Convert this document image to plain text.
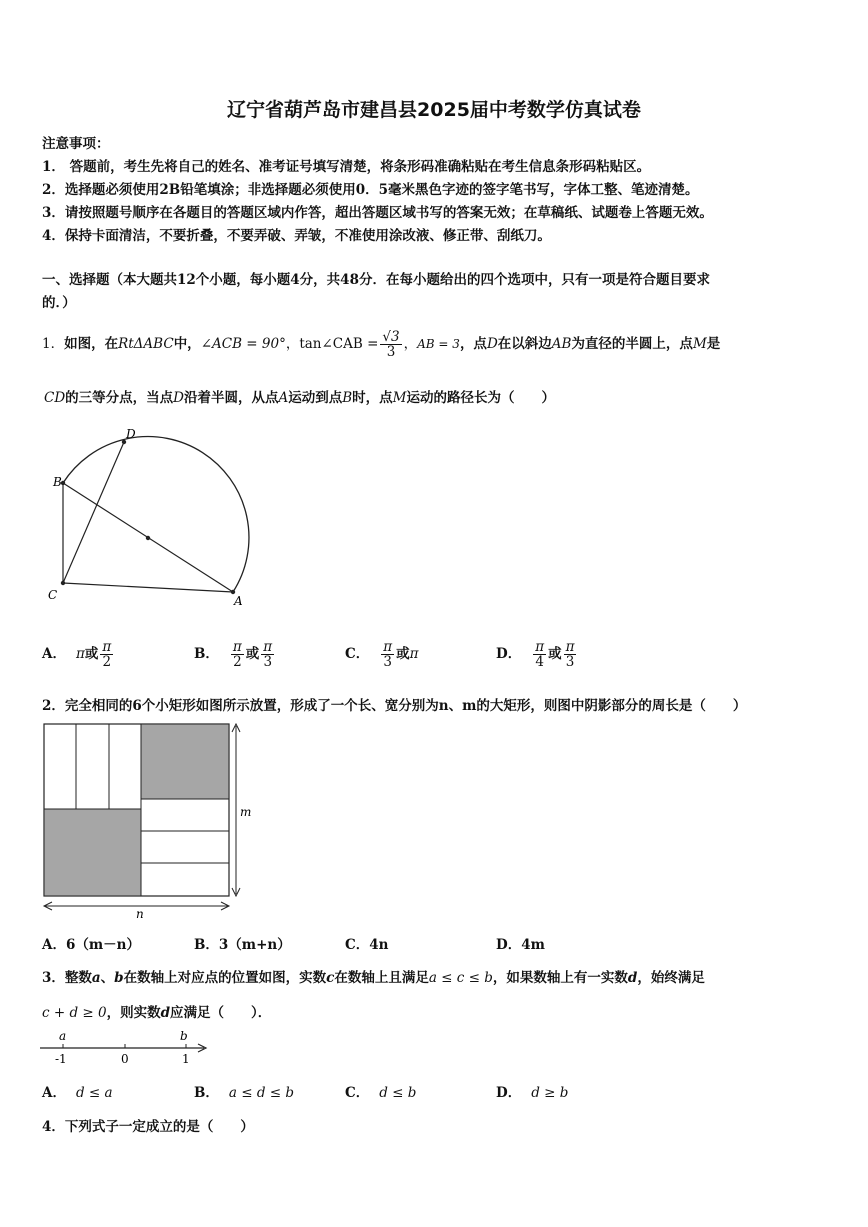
辽宁省葫芦岛市建昌县2025届中考数学仿真试卷
注意事项：
1． 答题前，考生先将自己的姓名、准考证号填写清楚，将条形码准确粘贴在考生信息条形码粘贴区。
2．选择题必须使用2B铅笔填涂；非选择题必须使用0．5毫米黑色字迹的签字笔书写，字体工整、笔迹清楚。
3．请按照题号顺序在各题目的答题区域内作答，超出答题区域书写的答案无效；在草稿纸、试题卷上答题无效。
4．保持卡面清洁，不要折叠，不要弄破、弄皱，不准使用涂改液、修正带、刮纸刀。
一、选择题（本大题共12个小题，每小题4分，共48分．在每小题给出的四个选项中，只有一项是符合题目要求
的．）
1．如图，在RtΔABC中，∠ACB = 90°，tan∠CAB = $\frac{√3}{3}$ ，AB = 3，点D在以斜边AB为直径的半圆上，点M是
CD的三等分点，当点D沿着半圆，从点A运动到点B时，点M运动的路径长为（　　）
D
B
C	A
A． π或 $\frac{\pi}{2}$	B． $\frac{\pi}{2}$ 或 $\frac{\pi}{3}$	C． $\frac{\pi}{3}$ 或π	D． $\frac{\pi}{4}$ 或 $\frac{\pi}{3}$
2．完全相同的6个小矩形如图所示放置，形成了一个长、宽分别为n、m的大矩形，则图中阴影部分的周长是（　　）
m
n
A．6（m－n）	B．3（m+n）	C．4n	D．4m
3．整数a、b在数轴上对应点的位置如图，实数c在数轴上且满足a ≤ c ≤ b，如果数轴上有一实数d，始终满足
c + d ≥ 0，则实数d应满足（　　）．
a	b
-1	0	1
A． d ≤ a	B． a ≤ d ≤ b	C． d ≤ b	D． d ≥ b
4．下列式子一定成立的是（　　）
